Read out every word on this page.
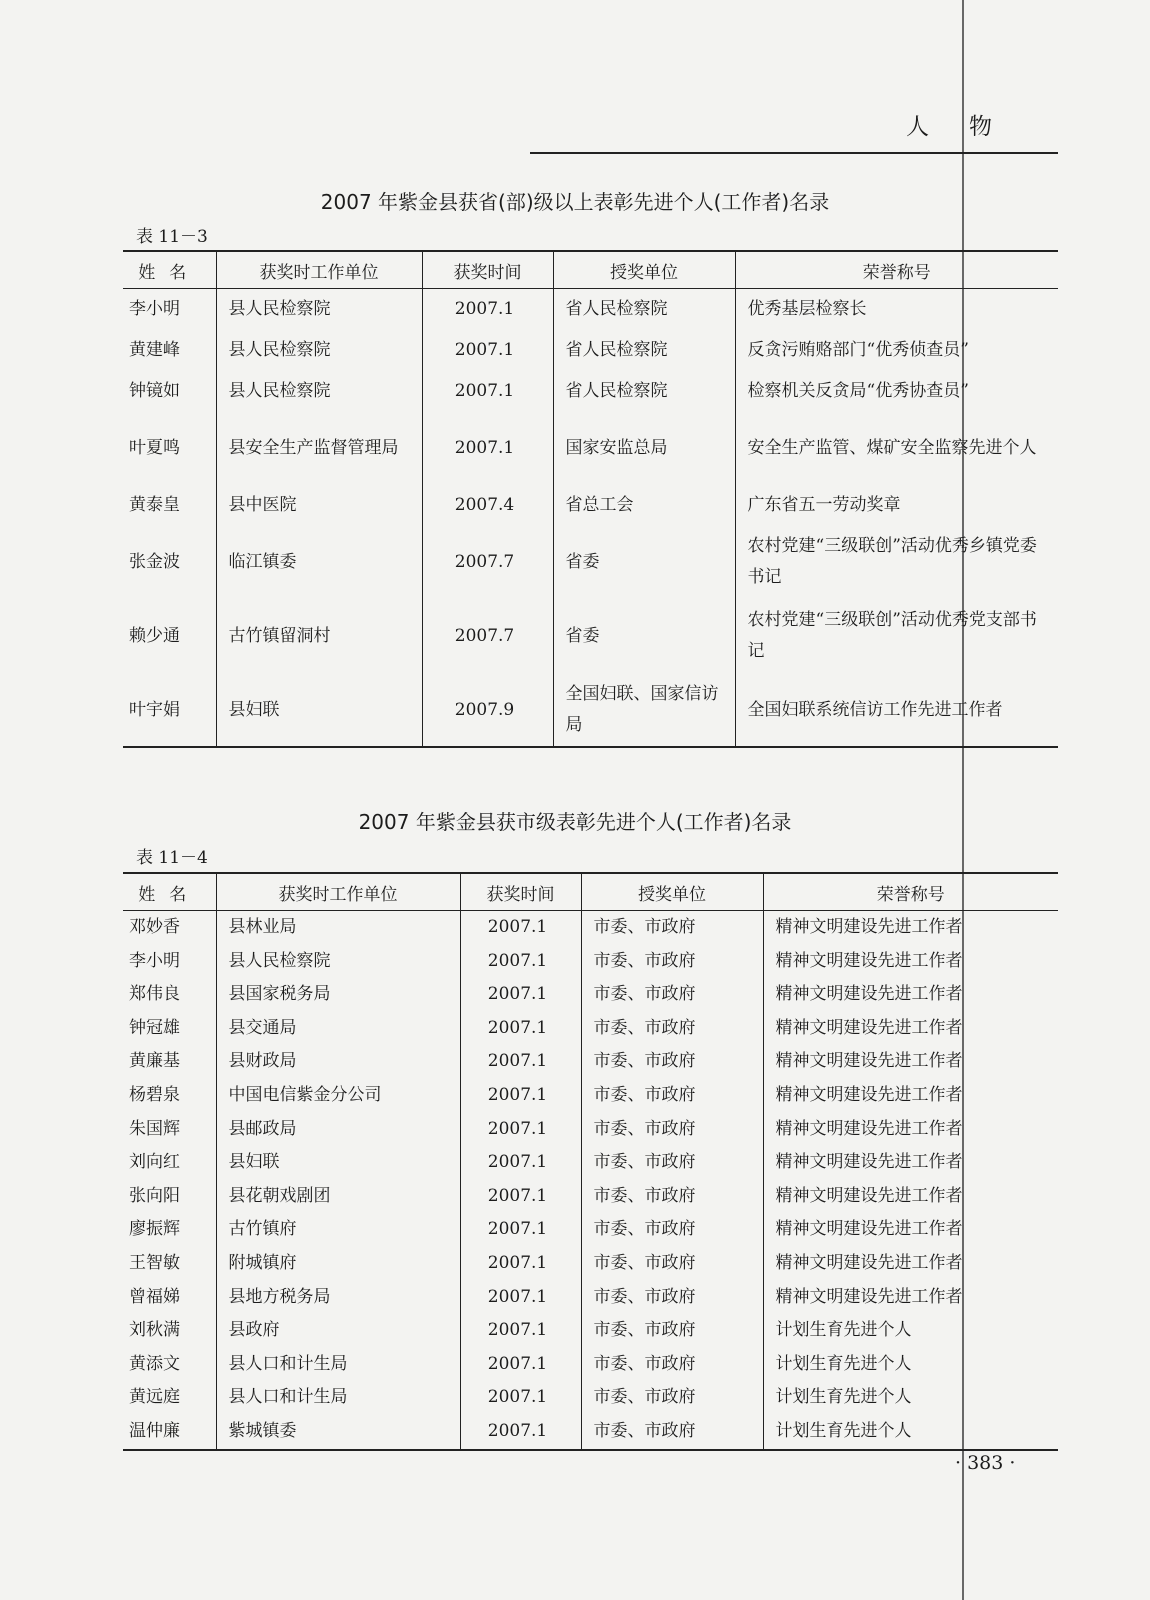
人物
2007 年紫金县获省(部)级以上表彰先进个人(工作者)名录
表 11－3
姓名	获奖时工作单位	获奖时间	授奖单位	荣誉称号
李小明	县人民检察院	2007.1	省人民检察院	优秀基层检察长
黄建峰	县人民检察院	2007.1	省人民检察院	反贪污贿赂部门“优秀侦查员”
钟镜如	县人民检察院	2007.1	省人民检察院	检察机关反贪局“优秀协查员”
叶夏鸣	县安全生产监督管理局	2007.1	国家安监总局	安全生产监管、煤矿安全监察先进个人
黄泰皇	县中医院	2007.4	省总工会	广东省五一劳动奖章
张金波	临江镇委	2007.7	省委	农村党建“三级联创”活动优秀乡镇党委书记
赖少通	古竹镇留洞村	2007.7	省委	农村党建“三级联创”活动优秀党支部书记
叶宇娟	县妇联	2007.9	全国妇联、国家信访局	全国妇联系统信访工作先进工作者
2007 年紫金县获市级表彰先进个人(工作者)名录
表 11－4
姓名	获奖时工作单位	获奖时间	授奖单位	荣誉称号
邓妙香	县林业局	2007.1	市委、市政府	精神文明建设先进工作者
李小明	县人民检察院	2007.1	市委、市政府	精神文明建设先进工作者
郑伟良	县国家税务局	2007.1	市委、市政府	精神文明建设先进工作者
钟冠雄	县交通局	2007.1	市委、市政府	精神文明建设先进工作者
黄廉基	县财政局	2007.1	市委、市政府	精神文明建设先进工作者
杨碧泉	中国电信紫金分公司	2007.1	市委、市政府	精神文明建设先进工作者
朱国辉	县邮政局	2007.1	市委、市政府	精神文明建设先进工作者
刘向红	县妇联	2007.1	市委、市政府	精神文明建设先进工作者
张向阳	县花朝戏剧团	2007.1	市委、市政府	精神文明建设先进工作者
廖振辉	古竹镇府	2007.1	市委、市政府	精神文明建设先进工作者
王智敏	附城镇府	2007.1	市委、市政府	精神文明建设先进工作者
曾福娣	县地方税务局	2007.1	市委、市政府	精神文明建设先进工作者
刘秋满	县政府	2007.1	市委、市政府	计划生育先进个人
黄添文	县人口和计生局	2007.1	市委、市政府	计划生育先进个人
黄远庭	县人口和计生局	2007.1	市委、市政府	计划生育先进个人
温仲廉	紫城镇委	2007.1	市委、市政府	计划生育先进个人
· 383 ·
